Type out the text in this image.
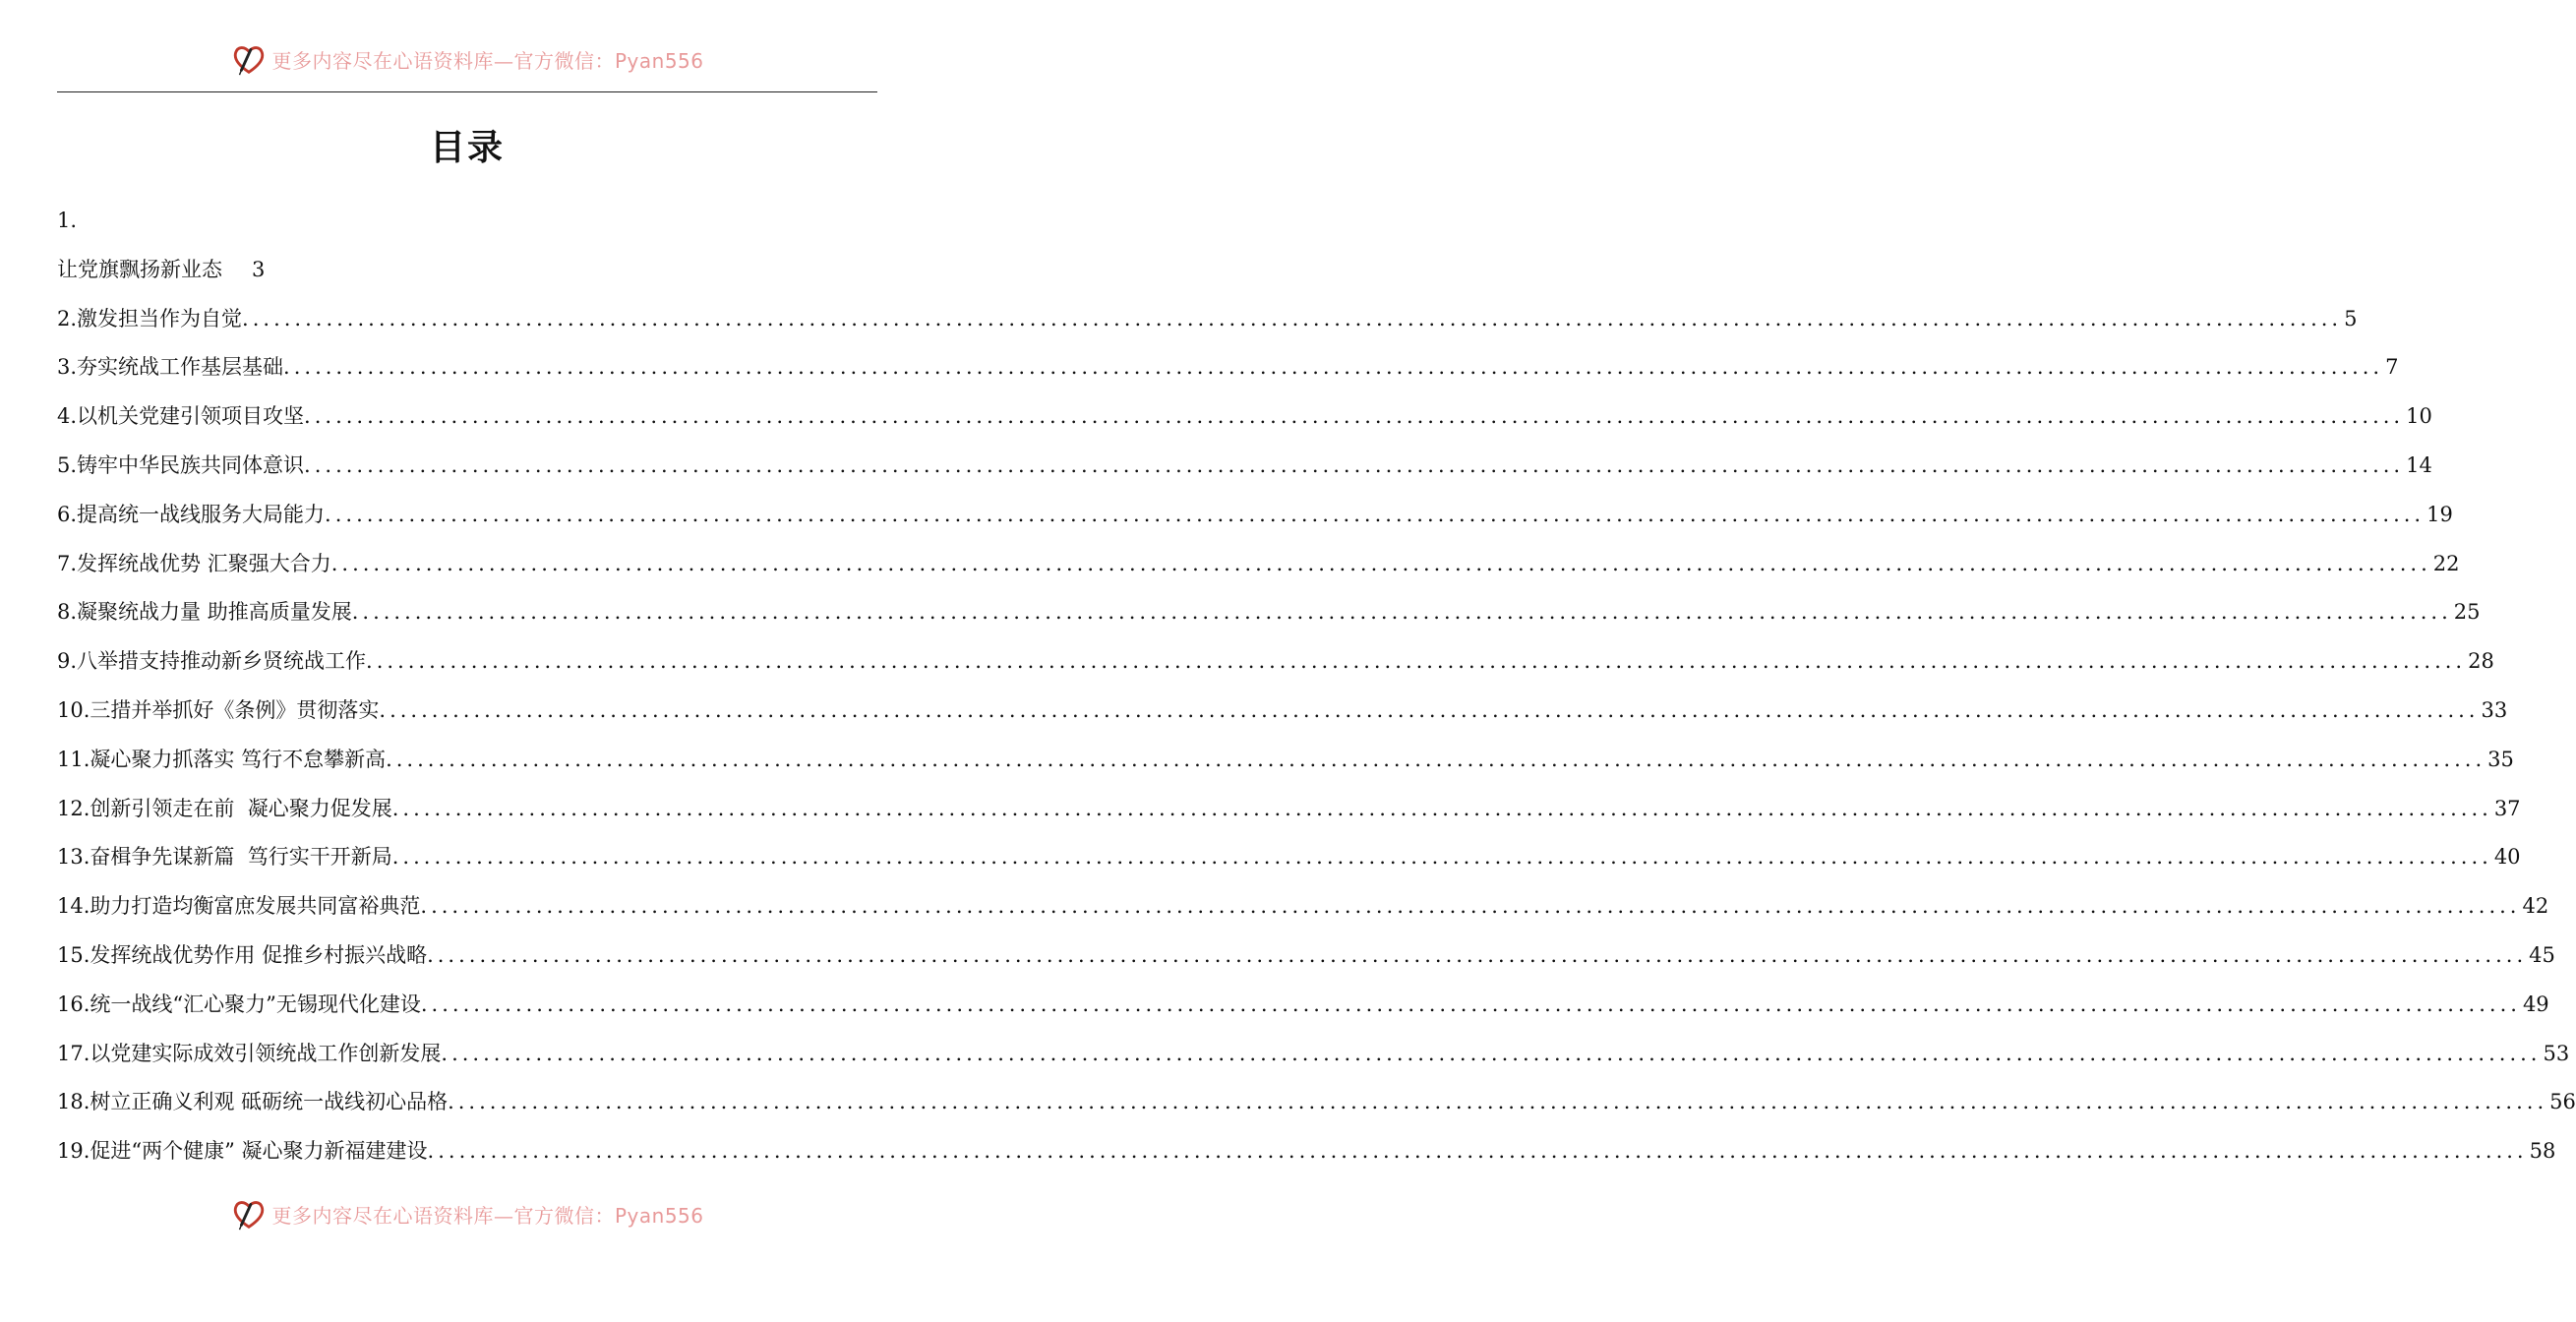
更多内容尽在心语资料库—官方微信：Pyan556
目录
1.
让党旗飘扬新业态 3
2.激发担当作为自觉 ........................................................................................................................................................................................................ 5
3.夯实统战工作基层基础 ........................................................................................................................................................................................................ 7
4.以机关党建引领项目攻坚 ........................................................................................................................................................................................................ 10
5.铸牢中华民族共同体意识 ........................................................................................................................................................................................................ 14
6.提高统一战线服务大局能力 ........................................................................................................................................................................................................ 19
7.发挥统战优势 汇聚强大合力 ........................................................................................................................................................................................................ 22
8.凝聚统战力量 助推高质量发展 ........................................................................................................................................................................................................ 25
9.八举措支持推动新乡贤统战工作 ........................................................................................................................................................................................................ 28
10.三措并举抓好《条例》贯彻落实 ........................................................................................................................................................................................................ 33
11.凝心聚力抓落实 笃行不怠攀新高 ........................................................................................................................................................................................................ 35
12.创新引领走在前  凝心聚力促发展 ........................................................................................................................................................................................................ 37
13.奋楫争先谋新篇  笃行实干开新局 ........................................................................................................................................................................................................ 40
14.助力打造均衡富庶发展共同富裕典范 ........................................................................................................................................................................................................ 42
15.发挥统战优势作用 促推乡村振兴战略 ........................................................................................................................................................................................................ 45
16.统一战线“汇心聚力”无锡现代化建设 ........................................................................................................................................................................................................ 49
17.以党建实际成效引领统战工作创新发展 ........................................................................................................................................................................................................ 53
18.树立正确义利观 砥砺统一战线初心品格 ........................................................................................................................................................................................................ 56
19.促进“两个健康” 凝心聚力新福建建设 ........................................................................................................................................................................................................ 58
更多内容尽在心语资料库—官方微信：Pyan556
